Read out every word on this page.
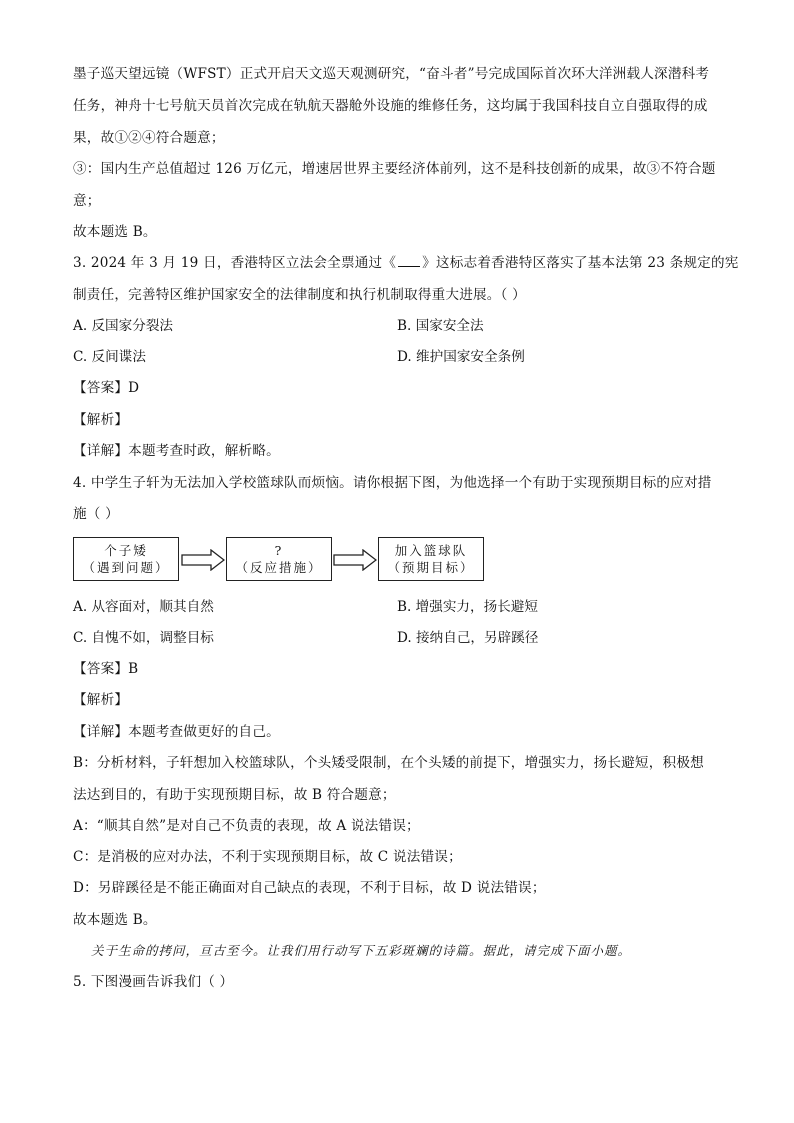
墨子巡天望远镜（WFST）正式开启天文巡天观测研究，“奋斗者”号完成国际首次环大洋洲载人深潜科考
任务，神舟十七号航天员首次完成在轨航天器舱外设施的维修任务，这均属于我国科技自立自强取得的成
果，故①②④符合题意；
③：国内生产总值超过 126 万亿元，增速居世界主要经济体前列，这不是科技创新的成果，故③不符合题
意；
故本题选 B。
3. 2024 年 3 月 19 日，香港特区立法会全票通过《 》这标志着香港特区落实了基本法第 23 条规定的宪
制责任，完善特区维护国家安全的法律制度和执行机制取得重大进展。（ ）
A. 反国家分裂法	B. 国家安全法
C. 反间谍法	D. 维护国家安全条例
【答案】D
【解析】
【详解】本题考查时政，解析略。
4. 中学生子轩为无法加入学校篮球队而烦恼。请你根据下图，为他选择一个有助于实现预期目标的应对措
施（ ）
个子矮
（遇到问题）
?
（反应措施）
加入篮球队
（预期目标）
A. 从容面对，顺其自然	B. 增强实力，扬长避短
C. 自愧不如，调整目标	D. 接纳自己，另辟蹊径
【答案】B
【解析】
【详解】本题考查做更好的自己。
B：分析材料，子轩想加入校篮球队，个头矮受限制，在个头矮的前提下，增强实力，扬长避短，积极想
法达到目的，有助于实现预期目标，故 B 符合题意；
A：“顺其自然”是对自己不负责的表现，故 A 说法错误；
C：是消极的应对办法，不利于实现预期目标，故 C 说法错误；
D：另辟蹊径是不能正确面对自己缺点的表现，不利于目标，故 D 说法错误；
故本题选 B。
关于生命的拷问，亘古至今。让我们用行动写下五彩斑斓的诗篇。据此，请完成下面小题。
5. 下图漫画告诉我们（ ）
